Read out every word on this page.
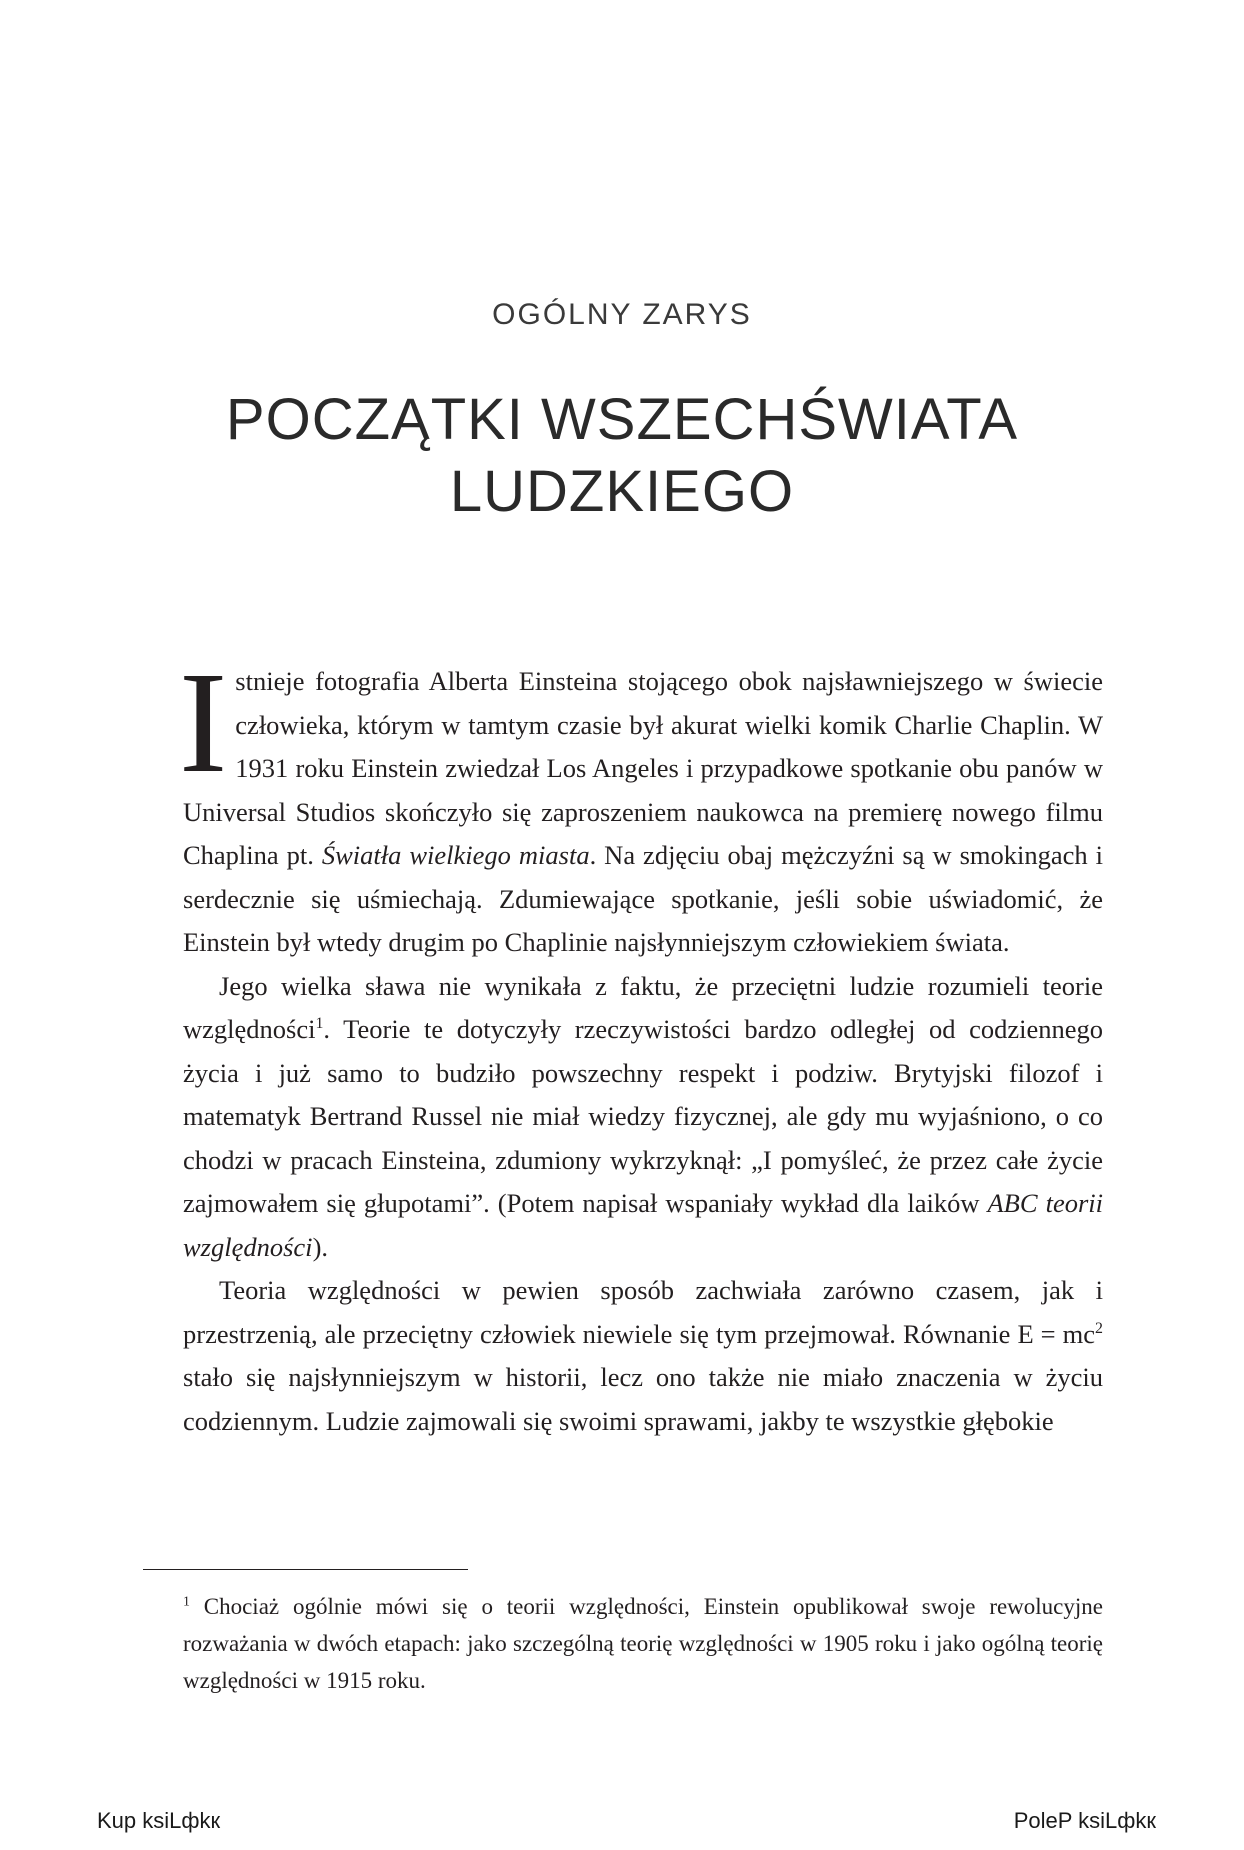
OGÓLNY ZARYS
POCZĄTKI WSZECHŚWIATA
LUDZKIEGO

Istnieje fotografia Alberta Einsteina stojącego obok najsławniejszego w świecie człowieka, którym w tamtym czasie był akurat wielki komik Charlie Chaplin. W 1931 roku Einstein zwiedzał Los Angeles i przypadkowe spotkanie obu panów w Universal Studios skończyło się zaproszeniem naukowca na premierę nowego filmu Chaplina pt. Światła wielkiego miasta. Na zdjęciu obaj mężczyźni są w smokingach i serdecznie się uśmiechają. Zdumiewające spotkanie, jeśli sobie uświadomić, że Einstein był wtedy drugim po Chaplinie najsłynniejszym człowiekiem świata.

Jego wielka sława nie wynikała z faktu, że przeciętni ludzie rozumieli teorie względności$^1$. Teorie te dotyczyły rzeczywistości bardzo odległej od codziennego życia i już samo to budziło powszechny respekt i podziw. Brytyjski filozof i matematyk Bertrand Russel nie miał wiedzy fizycznej, ale gdy mu wyjaśniono, o co chodzi w pracach Einsteina, zdumiony wykrzyknął: „I pomyśleć, że przez całe życie zajmowałem się głupotami”. (Potem napisał wspaniały wykład dla laików ABC teorii względności).

Teoria względności w pewien sposób zachwiała zarówno czasem, jak i przestrzenią, ale przeciętny człowiek niewiele się tym przejmował. Równanie $E = mc^2$ stało się najsłynniejszym w historii, lecz ono także nie miało znaczenia w życiu codziennym. Ludzie zajmowali się swoimi sprawami, jakby te wszystkie głębokie

$^1$ Chociaż ogólnie mówi się o teorii względności, Einstein opublikował swoje rewolucyjne rozważania w dwóch etapach: jako szczególną teorię względności w 1905 roku i jako ogólną teorię względności w 1915 roku.
Kup ksiLфkк	PoleP ksiLфkк
